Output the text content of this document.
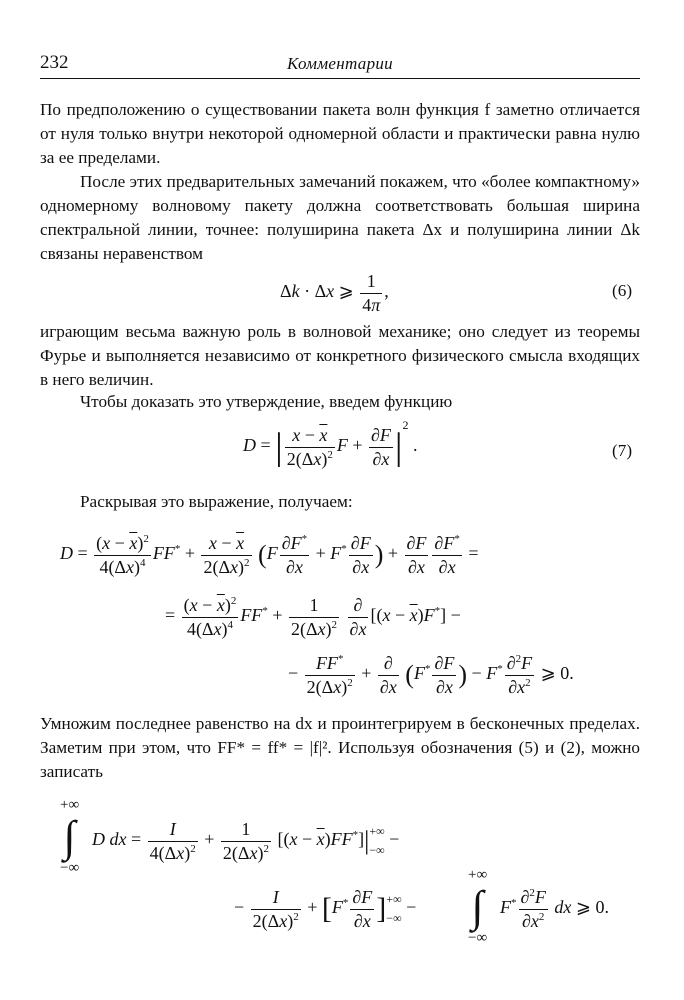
232	Комментарии
По предположению о существовании пакета волн функция f заметно отличается от нуля только внутри некоторой одномерной области и практически равна нулю за ее пределами.
После этих предварительных замечаний покажем, что «более компактному» одномерному волновому пакету должна соответствовать большая ширина спектральной линии, точнее: полуширина пакета Δx и полуширина линии Δk связаны неравенством
Δk · Δx ⩾ $\frac{1}{4\pi}$ ,	(6)
играющим весьма важную роль в волновой механике; оно следует из теоремы Фурье и выполняется независимо от конкретного физического смысла входящих в него величин.
Чтобы доказать это утверждение, введем функцию
D = | $\frac{x - \overline{x}}{2(\Delta x)^2}$ $F + \frac{\partial F}{\partial x} |^2$ .	(7)
Раскрывая это выражение, получаем:
$D = \frac{(x - \overline{x})^2}{4(\Delta x)^4} FF^* + \frac{x - \overline{x}}{2(\Delta x)^2} (F \frac{\partial F^*}{\partial x} + F^* \frac{\partial F}{\partial x}$ ) + $\frac{\partial F}{\partial x} \frac{\partial F^*}{\partial x}$ =
= $\frac{(x - \overline{x})^2}{4(\Delta x)^4} FF^* + \frac{1}{2(\Delta x)^2}$
$\frac{\partial}{\partial x} [(x - \overline{x})F^*]$ −
− $\frac{FF^*}{2(\Delta x)^2} + \frac{\partial}{\partial x} (F^* \frac{\partial F}{\partial x}$ ) − $F^* \frac{\partial^2F}{\partial x^2}$ ⩾ 0.
Умножим последнее равенство на dx и проинтегрируем в бесконечных пределах. Заметим при этом, что FF* = ff* = |f|². Используя обозначения (5) и (2), можно записать
+∞
∫
−∞
D dx = $\frac{I}{4(\Delta x)^2} + \frac{1}{2(\Delta x)^2} [(x - \overline{x})FF^*]|+\infty$
−∞ −
− $\frac{I}{2(\Delta x)^2} + [F^* \frac{\partial F}{\partial x}$ ]+∞
−∞ −
+∞
∫
−∞
$F^* \frac{\partial^2F}{\partial x^2}$ dx ⩾ 0.
